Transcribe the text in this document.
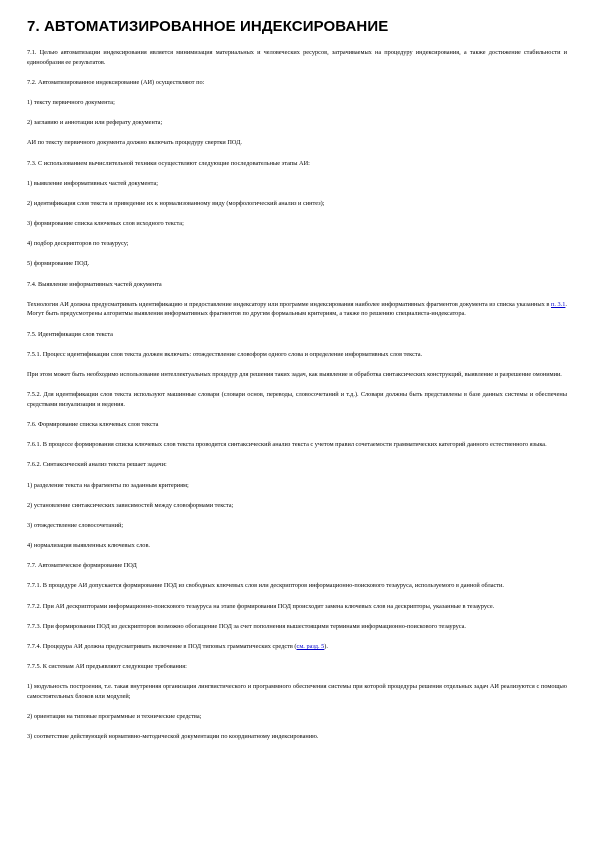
7. АВТОМАТИЗИРОВАННОЕ ИНДЕКСИРОВАНИЕ
7.1. Целью автоматизации индексирования является минимизация материальных и человеческих ресурсов, затрачиваемых на процедуру индексирования, а также достижение стабильности и единообразия ее результатов.
7.2. Автоматизированное индексирование (АИ) осуществляют по:
1) тексту первичного документа;
2) заглавию и аннотации или реферату документа;
АИ по тексту первичного документа должно включать процедуру свертки ПОД.
7.3. С использованием вычислительной техники осуществляют следующие последовательные этапы АИ:
1) выявление информативных частей документа;
2) идентификация слов текста и приведение их к нормализованному виду (морфологический анализ и синтез);
3) формирование списка ключевых слов исходного текста;
4) подбор дескрипторов по тезаурусу;
5) формирование ПОД.
7.4. Выявление информативных частей документа
Технология АИ должна предусматривать идентификацию и предоставление индексатору или программе индексирования наиболее информативных фрагментов документа из списка указанных в п. 3.1. Могут быть предусмотрены алгоритмы выявления информативных фрагментов по другим формальным критериям, а также по решению специалиста-индексатора.
7.5. Идентификация слов текста
7.5.1. Процесс идентификации слов текста должен включать: отождествление словоформ одного слова и определение информативных слов текста.
При этом может быть необходимо использование интеллектуальных процедур для решения таких задач, как выявление и обработка синтаксических конструкций, выявление и разрешение омонимии.
7.5.2. Для идентификации слов текста используют машинные словари (словари основ, переводы, словосочетаний и т.д.). Словари должны быть представлены в базе данных системы и обеспечены средствами визуализации и ведения.
7.6. Формирование списка ключевых слов текста
7.6.1. В процессе формирования списка ключевых слов текста проводится синтаксический анализ текста с учетом правил сочетаемости грамматических категорий данного естественного языка.
7.6.2. Синтаксический анализ текста решает задачи:
1) разделение текста на фрагменты по заданным критериям;
2) установление синтаксических зависимостей между словоформами текста;
3) отождествление словосочетаний;
4) нормализация выявленных ключевых слов.
7.7. Автоматическое формирование ПОД
7.7.1. В процедуре АИ допускается формирование ПОД из свободных ключевых слов или дескрипторов информационно-поискового тезауруса, используемого в данной области.
7.7.2. При АИ дескрипторами информационно-поискового тезауруса на этапе формирования ПОД происходит замена ключевых слов на дескрипторы, указанные в тезаурусе.
7.7.3. При формировании ПОД из дескрипторов возможно обогащение ПОД за счет пополнения вышестоящими терминами информационно-поискового тезауруса.
7.7.4. Процедура АИ должна предусматривать включение в ПОД типовых грамматических средств (см. разд. 5).
7.7.5. К системам АИ предъявляют следующие требования:
1) модульность построения, т.е. такая внутренняя организация лингвистического и программного обеспечения системы при которой процедуры решения отдельных задач АИ реализуются с помощью самостоятельных блоков или модулей;
2) ориентация на типовые программные и технические средства;
3) соответствие действующей нормативно-методической документации по координатному индексированию.
